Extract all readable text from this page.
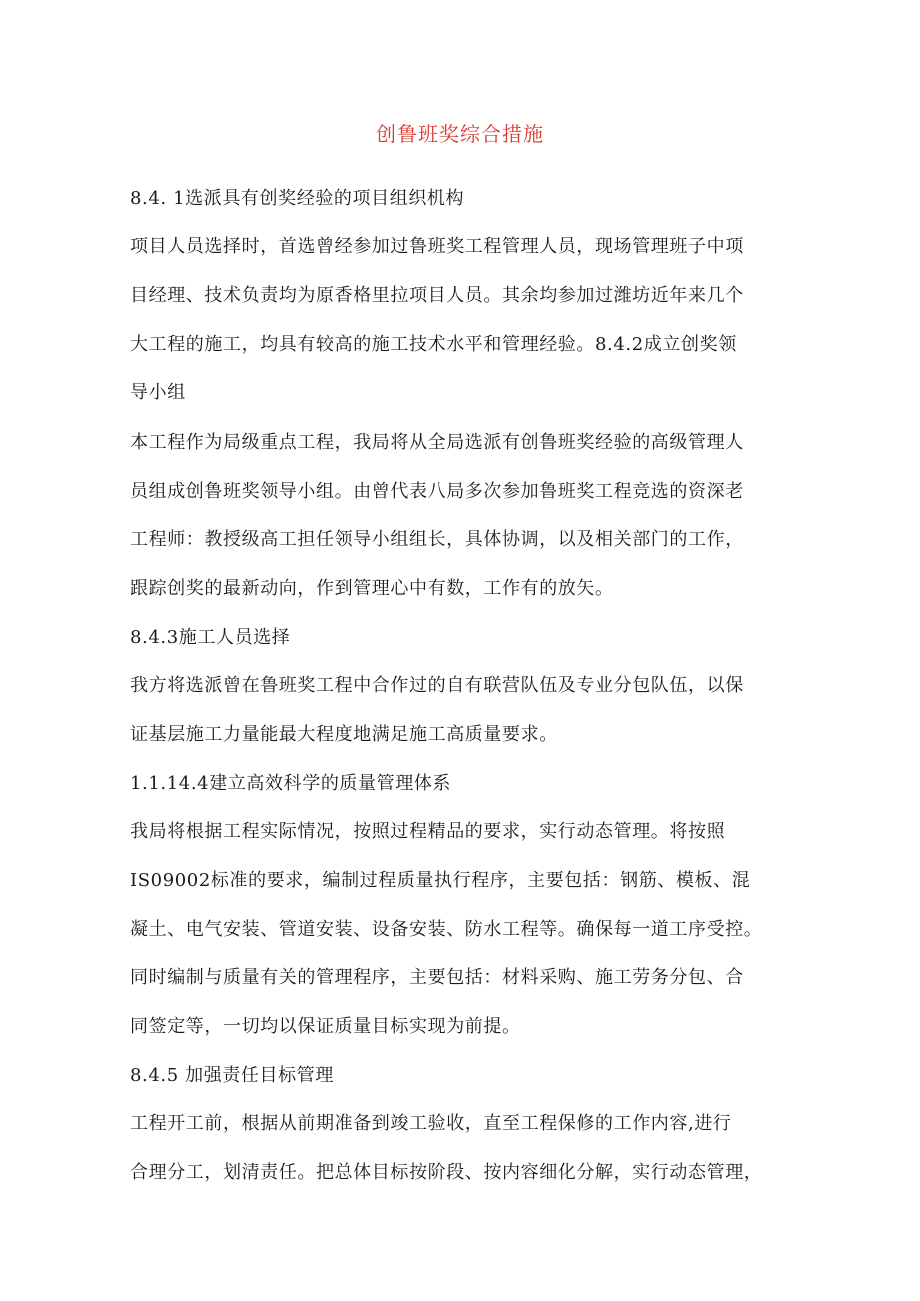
创鲁班奖综合措施
8.4. 1选派具有创奖经验的项目组织机构
项目人员选择时，首选曾经参加过鲁班奖工程管理人员，现场管理班子中项
目经理、技术负责均为原香格里拉项目人员。其余均参加过潍坊近年来几个
大工程的施工，均具有较高的施工技术水平和管理经验。8.4.2成立创奖领
导小组
本工程作为局级重点工程，我局将从全局选派有创鲁班奖经验的高级管理人
员组成创鲁班奖领导小组。由曾代表八局多次参加鲁班奖工程竞选的资深老
工程师：教授级高工担任领导小组组长，具体协调，以及相关部门的工作，
跟踪创奖的最新动向，作到管理心中有数，工作有的放矢。
8.4.3施工人员选择
我方将选派曾在鲁班奖工程中合作过的自有联营队伍及专业分包队伍，以保
证基层施工力量能最大程度地满足施工高质量要求。
1.1.14.4建立高效科学的质量管理体系
我局将根据工程实际情况，按照过程精品的要求，实行动态管理。将按照
IS09002标准的要求，编制过程质量执行程序，主要包括：钢筋、模板、混
凝土、电气安装、管道安装、设备安装、防水工程等。确保每一道工序受控。
同时编制与质量有关的管理程序，主要包括：材料采购、施工劳务分包、合
同签定等，一切均以保证质量目标实现为前提。
8.4.5 加强责任目标管理
工程开工前，根据从前期准备到竣工验收，直至工程保修的工作内容,进行
合理分工，划清责任。把总体目标按阶段、按内容细化分解，实行动态管理，
